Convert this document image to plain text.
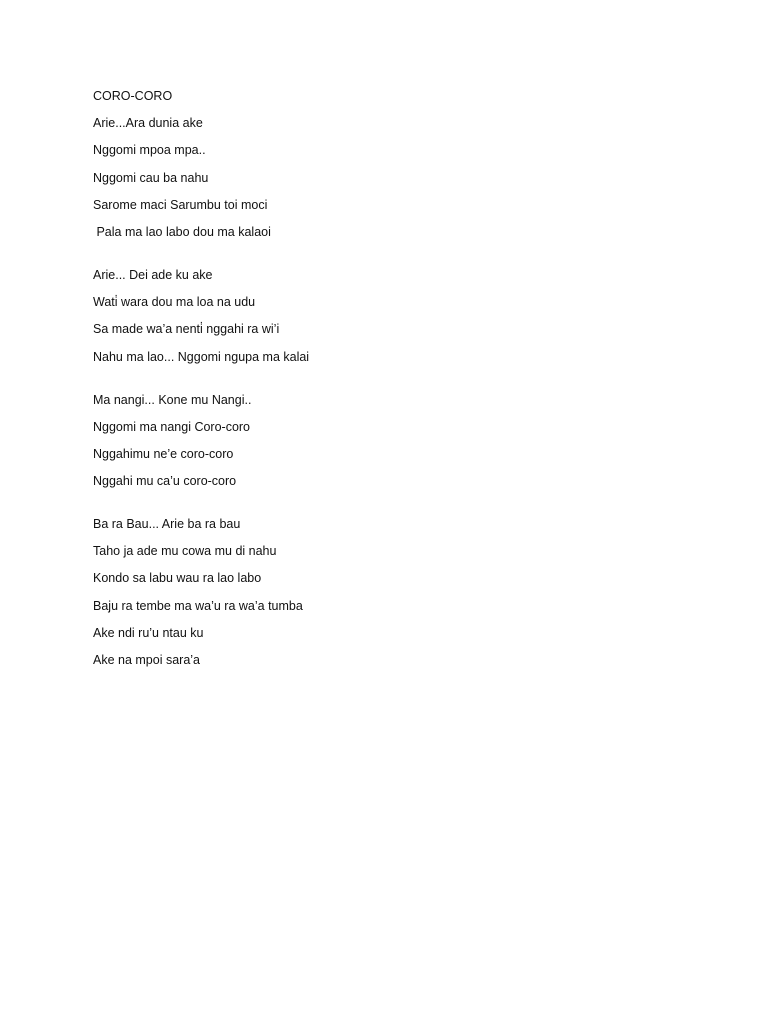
CORO-CORO
Arie...Ara dunia ake
Nggomi mpoa mpa..
Nggomi cau ba nahu
Sarome maci Sarumbu toi moci
Pala ma lao labo dou ma kalaoi
Arie... Dei ade ku ake
Wati̇ wara dou ma loa na udu
Sa made wa’a nenti̇ nggahi ra wi’i
Nahu ma lao... Nggomi ngupa ma kalai
Ma nangi... Kone mu Nangi..
Nggomi ma nangi Coro-coro
Nggahimu ne’e coro-coro
Nggahi mu ca’u coro-coro
Ba ra Bau... Arie ba ra bau
Taho ja ade mu cowa mu di nahu
Kondo sa labu wau ra lao labo
Baju ra tembe ma wa’u ra wa’a tumba
Ake ndi ru’u ntau ku
Ake na mpoi sara’a
